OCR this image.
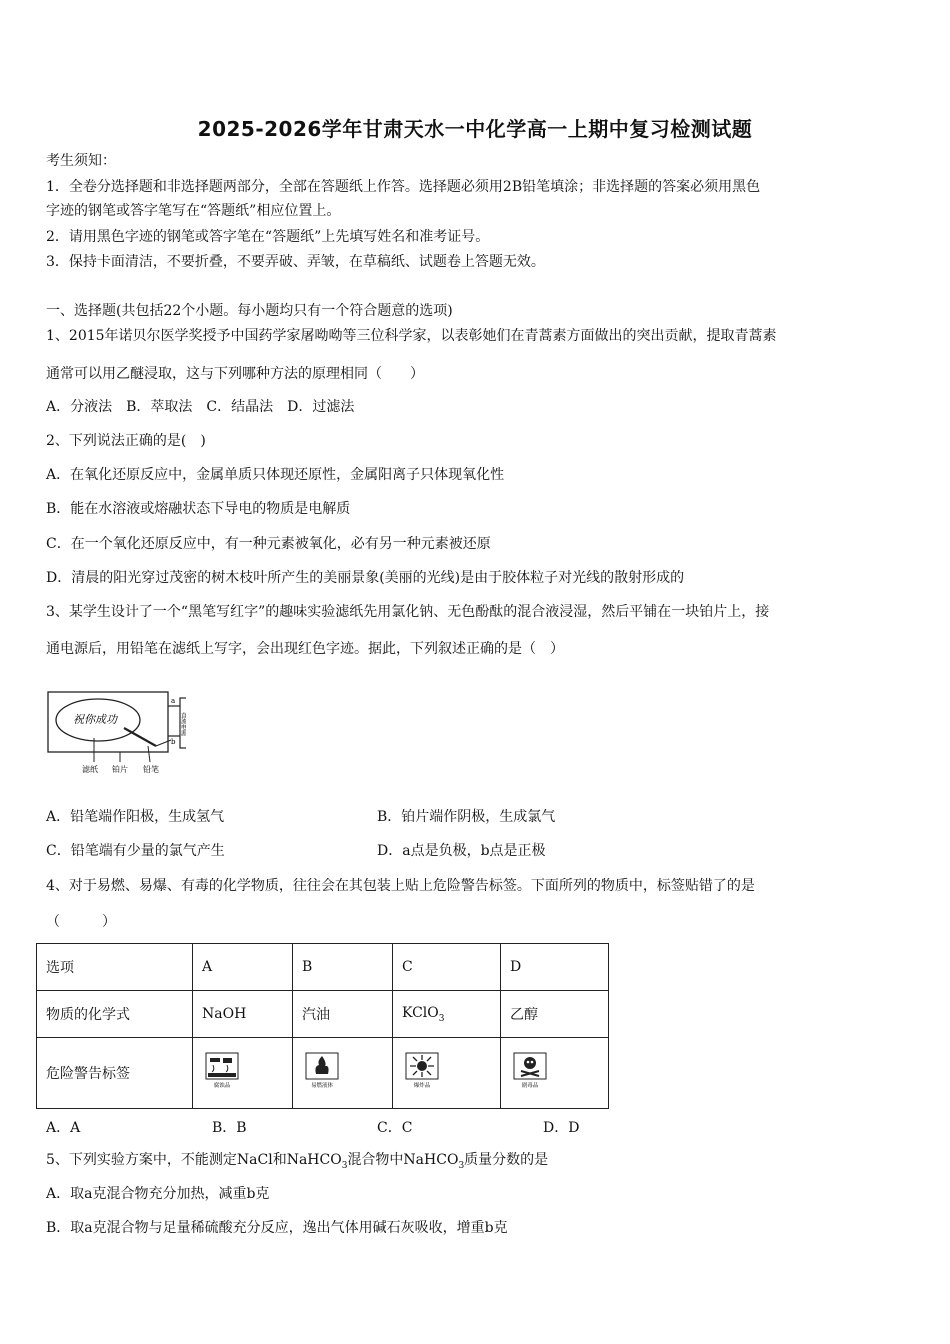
2025-2026学年甘肃天水一中化学高一上期中复习检测试题
考生须知：
1．全卷分选择题和非选择题两部分，全部在答题纸上作答。选择题必须用2B铅笔填涂；非选择题的答案必须用黑色
字迹的钢笔或答字笔写在“答题纸”相应位置上。
2．请用黑色字迹的钢笔或答字笔在“答题纸”上先填写姓名和准考证号。
3．保持卡面清洁，不要折叠，不要弄破、弄皱，在草稿纸、试题卷上答题无效。
一、选择题(共包括22个小题。每小题均只有一个符合题意的选项)
1、2015年诺贝尔医学奖授予中国药学家屠呦呦等三位科学家，以表彰她们在青蒿素方面做出的突出贡献，提取青蒿素
通常可以用乙醚浸取，这与下列哪种方法的原理相同（　　）
A．分液法　B．萃取法　C．结晶法　D．过滤法
2、下列说法正确的是(　)
A．在氧化还原反应中，金属单质只体现还原性，金属阳离子只体现氧化性
B．能在水溶液或熔融状态下导电的物质是电解质
C．在一个氧化还原反应中，有一种元素被氧化，必有另一种元素被还原
D．清晨的阳光穿过茂密的树木枝叶所产生的美丽景象(美丽的光线)是由于胶体粒子对光线的散射形成的
3、某学生设计了一个“黑笔写红字”的趣味实验滤纸先用氯化钠、无色酚酞的混合液浸湿，然后平铺在一块铂片上，接
通电源后，用铅笔在滤纸上写字，会出现红色字迹。据此，下列叙述正确的是（　）
祝你成功	直流电源
a
b
滤纸 铂片 铅笔
A．铅笔端作阳极，生成氢气	B．铂片端作阴极，生成氯气
C．铅笔端有少量的氯气产生	D．a点是负极，b点是正极
4、对于易燃、易爆、有毒的化学物质，往往会在其包装上贴上危险警告标签。下面所列的物质中，标签贴错了的是
（　　　）
选项	A	B	C	D
物质的化学式	NaOH	汽油	KClO$_3$	乙醇
危险警告标签	腐蚀品	易燃液体	爆炸品	剧毒品
A．A	B．B	C．C	D．D
5、下列实验方案中，不能测定NaCl和NaHCO$_3$混合物中NaHCO$_3$质量分数的是
A．取a克混合物充分加热，减重b克
B．取a克混合物与足量稀硫酸充分反应，逸出气体用碱石灰吸收，增重b克
